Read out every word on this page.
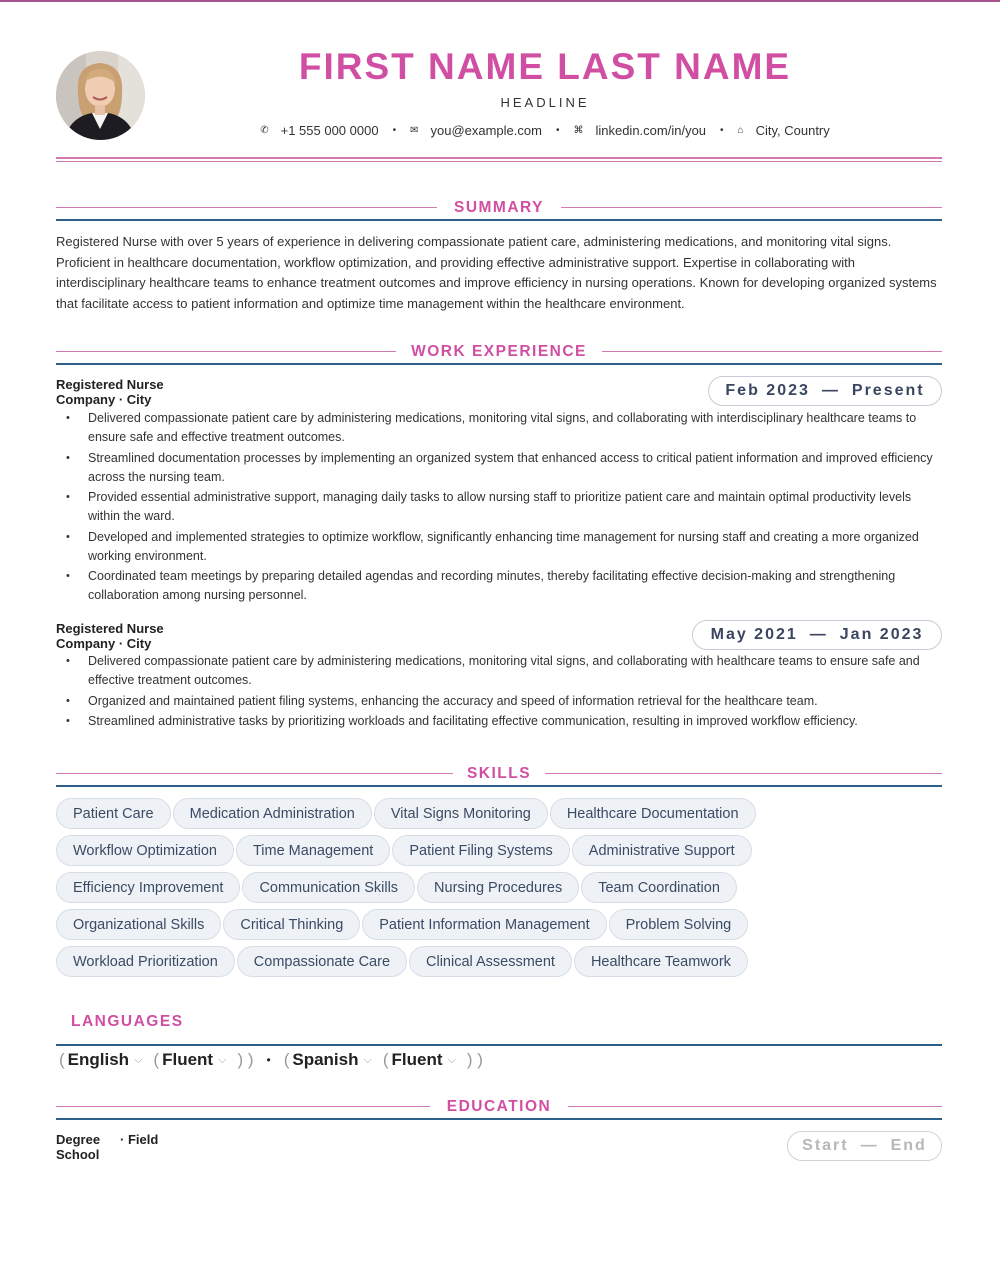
FIRST NAME LAST NAME
HEADLINE
✆ +1 555 000 0000 • ✉ you@example.com • ⌘ linkedin.com/in/you • ⌂ City, Country
SUMMARY
Registered Nurse with over 5 years of experience in delivering compassionate patient care, administering medications, and monitoring vital signs. Proficient in healthcare documentation, workflow optimization, and providing effective administrative support. Expertise in collaborating with interdisciplinary healthcare teams to enhance treatment outcomes and improve efficiency in nursing operations. Known for developing organized systems that facilitate access to patient information and optimize time management within the healthcare environment.
WORK EXPERIENCE
Registered Nurse
Company · City
Feb 2023 — Present
• Delivered compassionate patient care by administering medications, monitoring vital signs, and collaborating with interdisciplinary healthcare teams to ensure safe and effective treatment outcomes.
• Streamlined documentation processes by implementing an organized system that enhanced access to critical patient information and improved efficiency across the nursing team.
• Provided essential administrative support, managing daily tasks to allow nursing staff to prioritize patient care and maintain optimal productivity levels within the ward.
• Developed and implemented strategies to optimize workflow, significantly enhancing time management for nursing staff and creating a more organized working environment.
• Coordinated team meetings by preparing detailed agendas and recording minutes, thereby facilitating effective decision-making and strengthening collaboration among nursing personnel.
Registered Nurse
Company · City
May 2021 — Jan 2023
• Delivered compassionate patient care by administering medications, monitoring vital signs, and collaborating with healthcare teams to ensure safe and effective treatment outcomes.
• Organized and maintained patient filing systems, enhancing the accuracy and speed of information retrieval for the healthcare team.
• Streamlined administrative tasks by prioritizing workloads and facilitating effective communication, resulting in improved workflow efficiency.
SKILLS
Patient Care	Medication Administration	Vital Signs Monitoring	Healthcare Documentation
Workflow Optimization	Time Management	Patient Filing Systems	Administrative Support
Efficiency Improvement	Communication Skills	Nursing Procedures	Team Coordination
Organizational Skills	Critical Thinking	Patient Information Management	Problem Solving
Workload Prioritization	Compassionate Care	Clinical Assessment	Healthcare Teamwork
LANGUAGES
( English ⌵ ( Fluent ⌵ ) ) • ( Spanish ⌵ ( Fluent ⌵ ) )
EDUCATION
Degree · Field
School
Start — End
